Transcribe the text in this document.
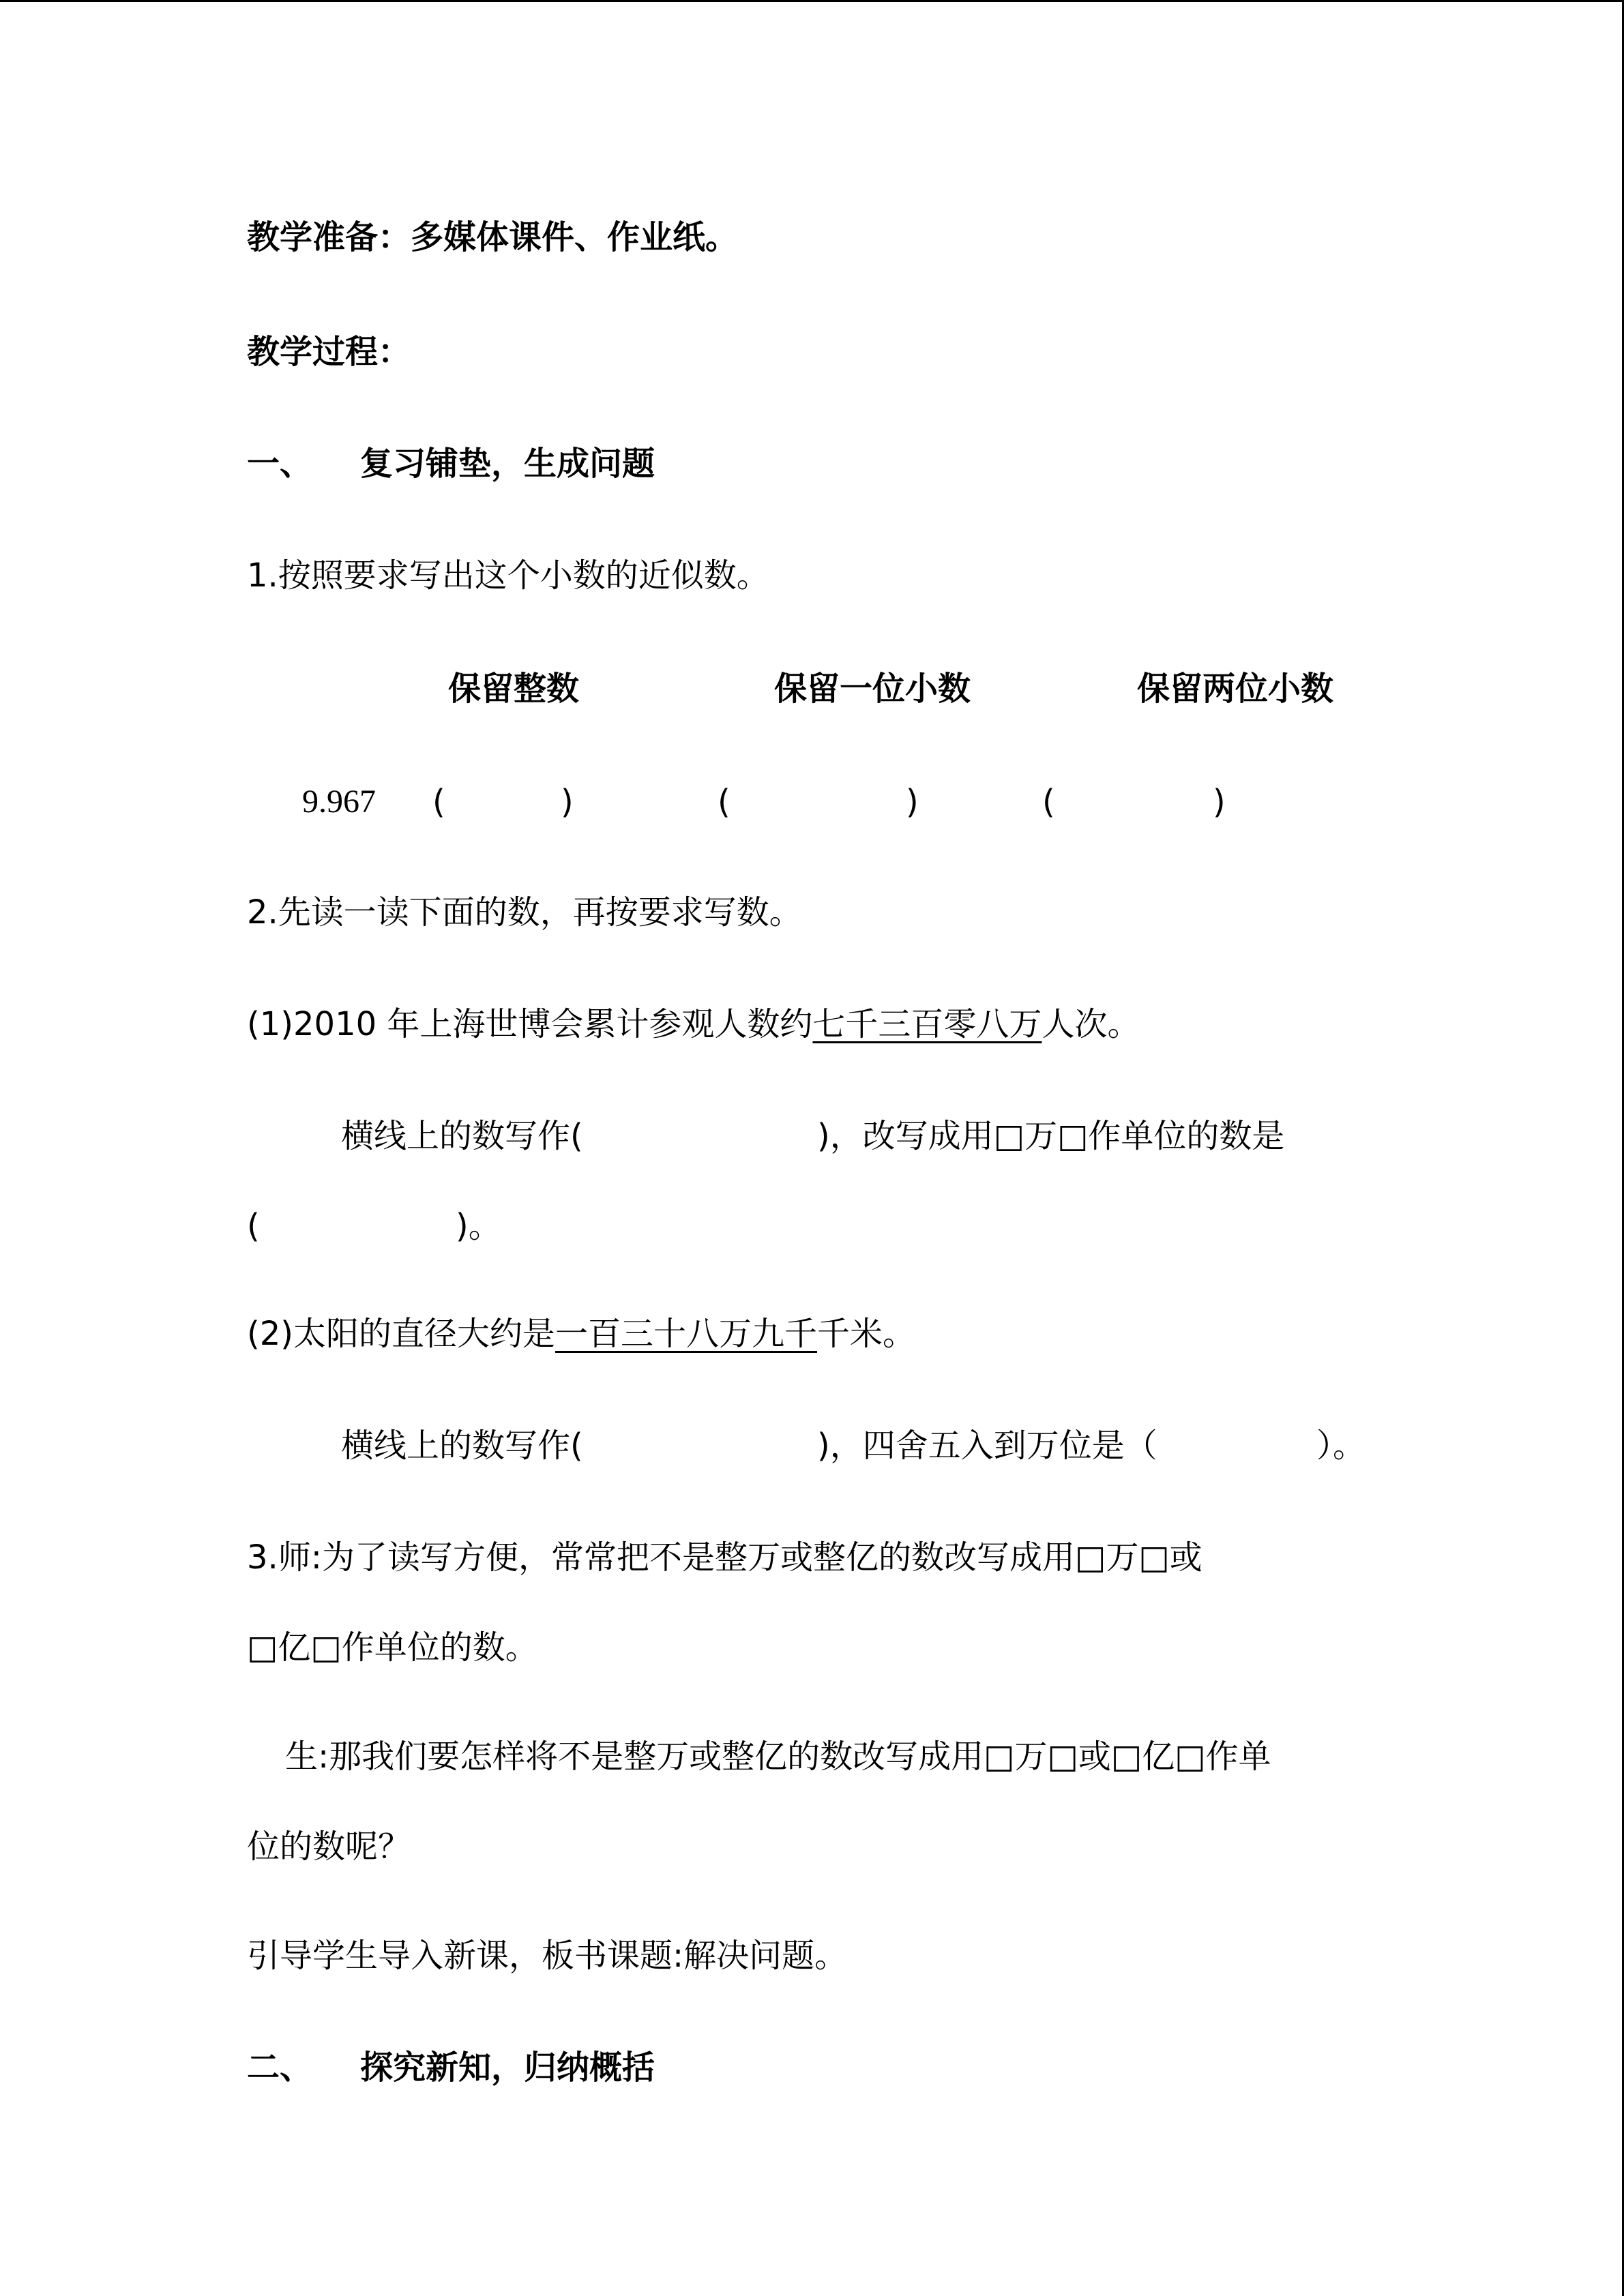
教学准备：多媒体课件、作业纸。

教学过程：

一、 复习铺垫，生成问题

1.按照要求写出这个小数的近似数。

保留整数	保留一位小数	保留两位小数

9.967 (	)	(	)	(	)

2.先读一读下面的数，再按要求写数。

(1)2010 年上海世博会累计参观人数约七千三百零八万人次。

横线上的数写作(	)，改写成用□万□作单位的数是

(	)。

(2)太阳的直径大约是一百三十八万九千千米。

横线上的数写作(	)，四舍五入到万位是（	）。

3.师:为了读写方便，常常把不是整万或整亿的数改写成用□万□或

□亿□作单位的数。

生:那我们要怎样将不是整万或整亿的数改写成用□万□或□亿□作单

位的数呢？

引导学生导入新课，板书课题:解决问题。

二、 探究新知，归纳概括
